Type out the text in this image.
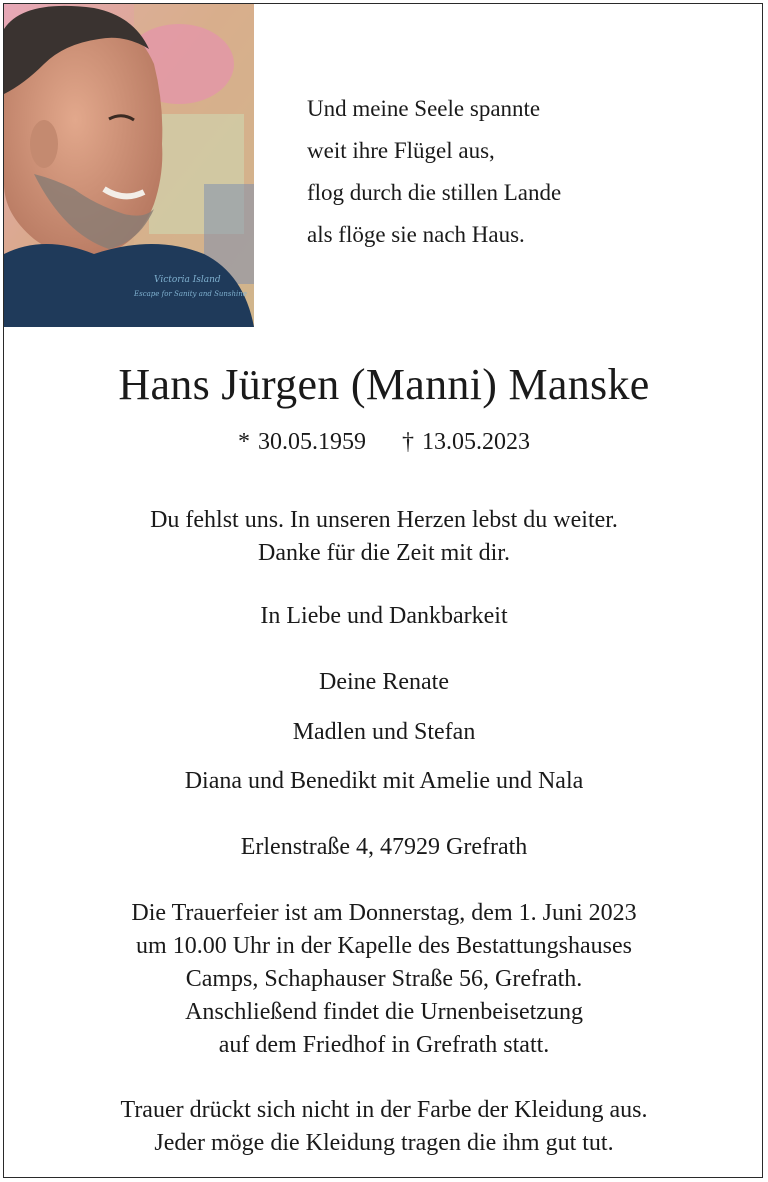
Victoria Island
Escape for Sanity and Sunshine
Und meine Seele spannte
weit ihre Flügel aus,
flog durch die stillen Lande
als flöge sie nach Haus.
Hans Jürgen (Manni) Manske
* 30.05.1959 † 13.05.2023
Du fehlst uns. In unseren Herzen lebst du weiter.
Danke für die Zeit mit dir.
In Liebe und Dankbarkeit
Deine Renate
Madlen und Stefan
Diana und Benedikt mit Amelie und Nala
Erlenstraße 4, 47929 Grefrath
Die Trauerfeier ist am Donnerstag, dem 1. Juni 2023
um 10.00 Uhr in der Kapelle des Bestattungshauses
Camps, Schaphauser Straße 56, Grefrath.
Anschließend findet die Urnenbeisetzung
auf dem Friedhof in Grefrath statt.
Trauer drückt sich nicht in der Farbe der Kleidung aus.
Jeder möge die Kleidung tragen die ihm gut tut.
